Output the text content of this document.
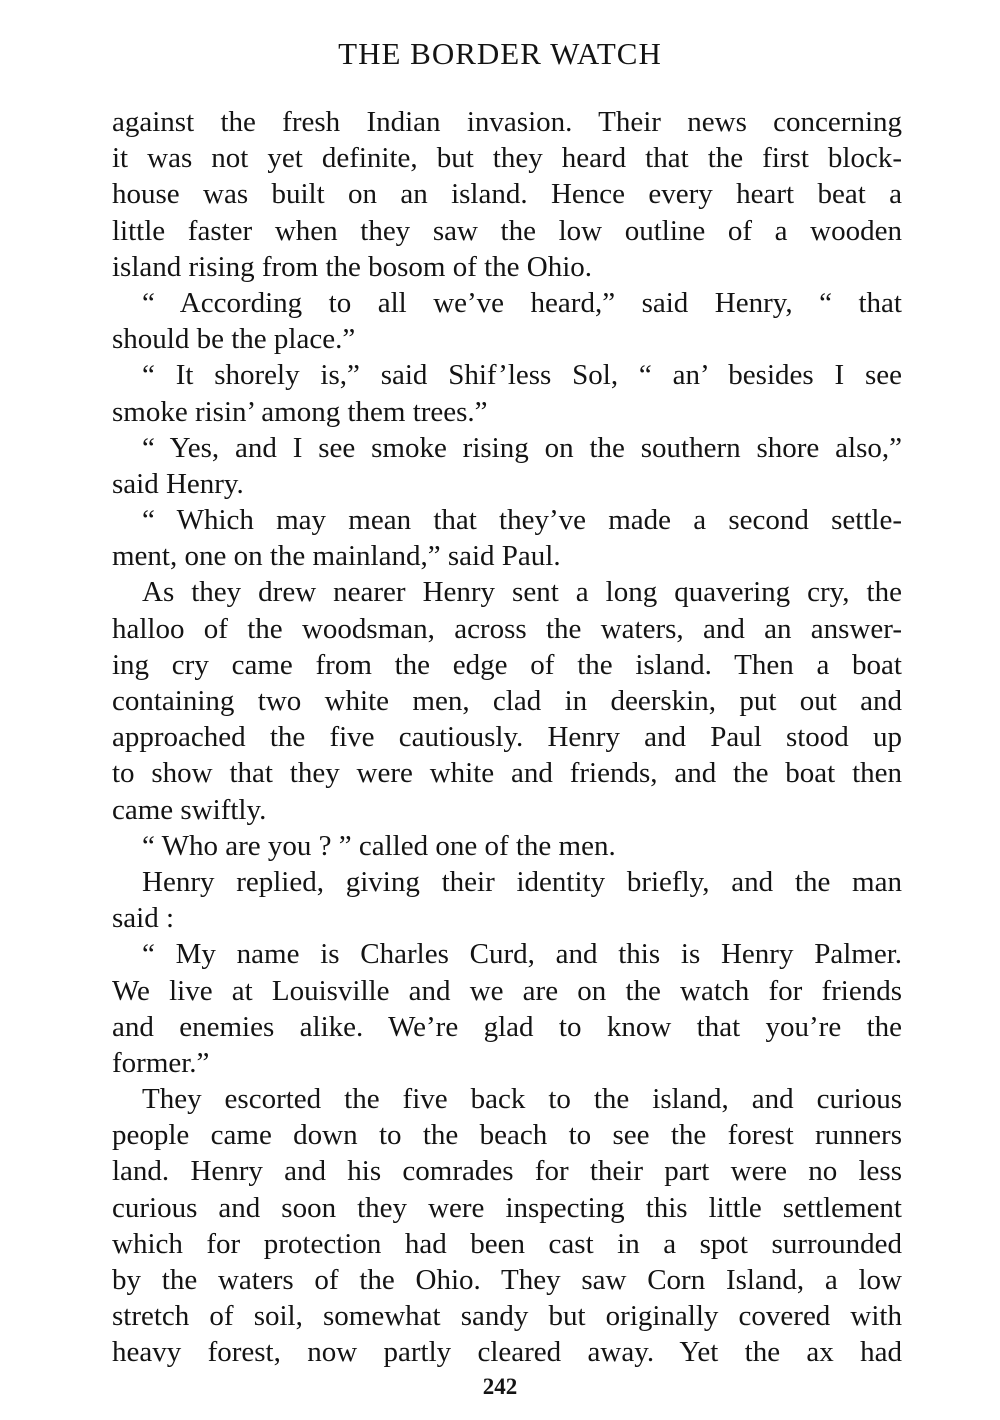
THE BORDER WATCH
against the fresh Indian invasion. Their news concerning
it was not yet definite, but they heard that the first block-
house was built on an island. Hence every heart beat a
little faster when they saw the low outline of a wooden
island rising from the bosom of the Ohio.
“ According to all we’ve heard,” said Henry, “ that
should be the place.”
“ It shorely is,” said Shif’less Sol, “ an’ besides I see
smoke risin’ among them trees.”
“ Yes, and I see smoke rising on the southern shore also,”
said Henry.
“ Which may mean that they’ve made a second settle-
ment, one on the mainland,” said Paul.
As they drew nearer Henry sent a long quavering cry, the
halloo of the woodsman, across the waters, and an answer-
ing cry came from the edge of the island. Then a boat
containing two white men, clad in deerskin, put out and
approached the five cautiously. Henry and Paul stood up
to show that they were white and friends, and the boat then
came swiftly.
“ Who are you ? ” called one of the men.
Henry replied, giving their identity briefly, and the man
said :
“ My name is Charles Curd, and this is Henry Palmer.
We live at Louisville and we are on the watch for friends
and enemies alike. We’re glad to know that you’re the
former.”
They escorted the five back to the island, and curious
people came down to the beach to see the forest runners
land. Henry and his comrades for their part were no less
curious and soon they were inspecting this little settlement
which for protection had been cast in a spot surrounded
by the waters of the Ohio. They saw Corn Island, a low
stretch of soil, somewhat sandy but originally covered with
heavy forest, now partly cleared away. Yet the ax had
242
